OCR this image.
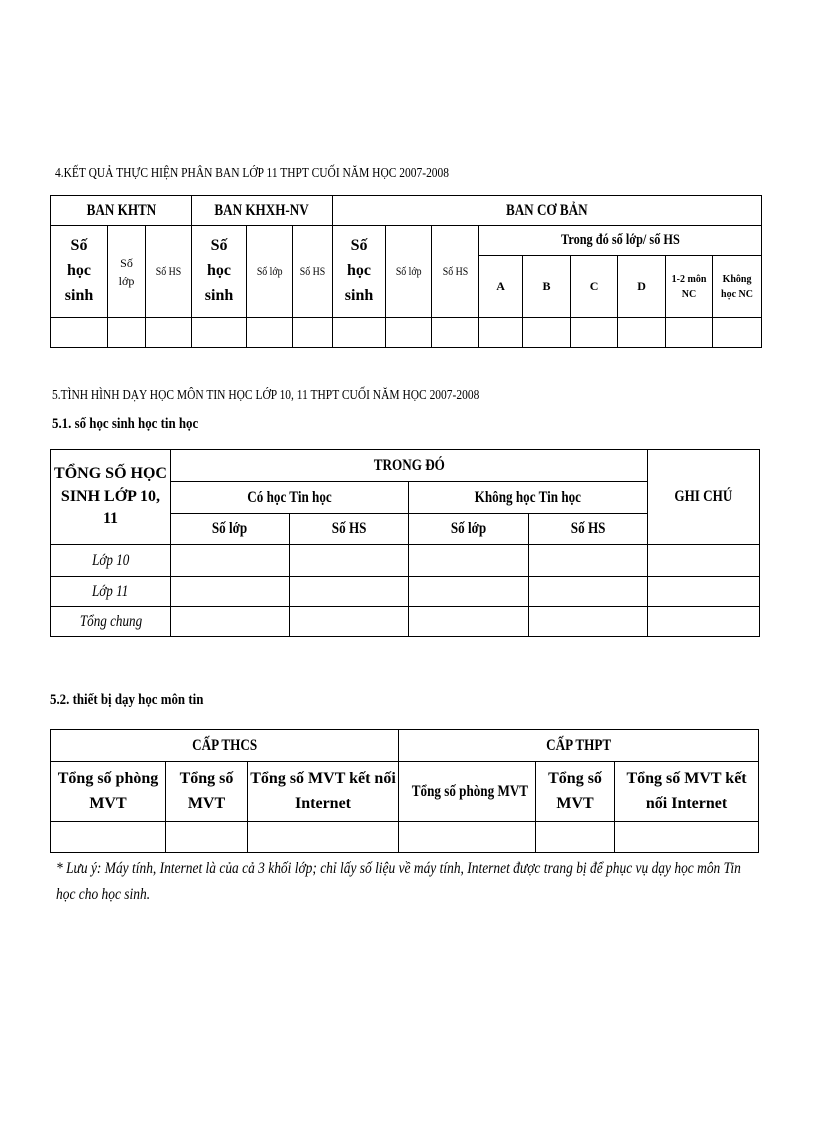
4.KẾT QUẢ THỰC HIỆN PHÂN BAN LỚP 11 THPT CUỐI NĂM HỌC 2007-2008
BAN KHTN			BAN KHXH-NV			BAN CƠ BẢN								
Số học sinh	Số lớp	Số HS	Số học sinh	Số lớp	Số HS	Số học sinh	Số lớp	Số HS	Trong đó số lớp/ số HS					
									A	B	C	D	1-2 môn NC	Không học NC

5.TÌNH HÌNH DẠY HỌC MÔN TIN HỌC LỚP 10, 11 THPT CUỐI NĂM HỌC 2007-2008
5.1. số học sinh học tin học
TỔNG SỐ HỌC SINH LỚP 10, 11	TRONG ĐÓ				GHI CHÚ
	Có học Tin học		Không học Tin học		
	Số lớp	Số HS	Số lớp	Số HS	
Lớp 10					
Lớp 11					
Tổng chung					
5.2. thiết bị dạy học môn tin
CẤP THCS			CẤP THPT		
Tổng số phòng MVT	Tổng số MVT	Tổng số MVT kết nối Internet	Tổng số phòng MVT	Tổng số MVT	Tổng số MVT kết nối Internet

* Lưu ý: Máy tính, Internet là của cả 3 khối lớp; chỉ lấy số liệu về máy tính, Internet được trang bị để phục vụ dạy học môn Tin học cho học sinh.
